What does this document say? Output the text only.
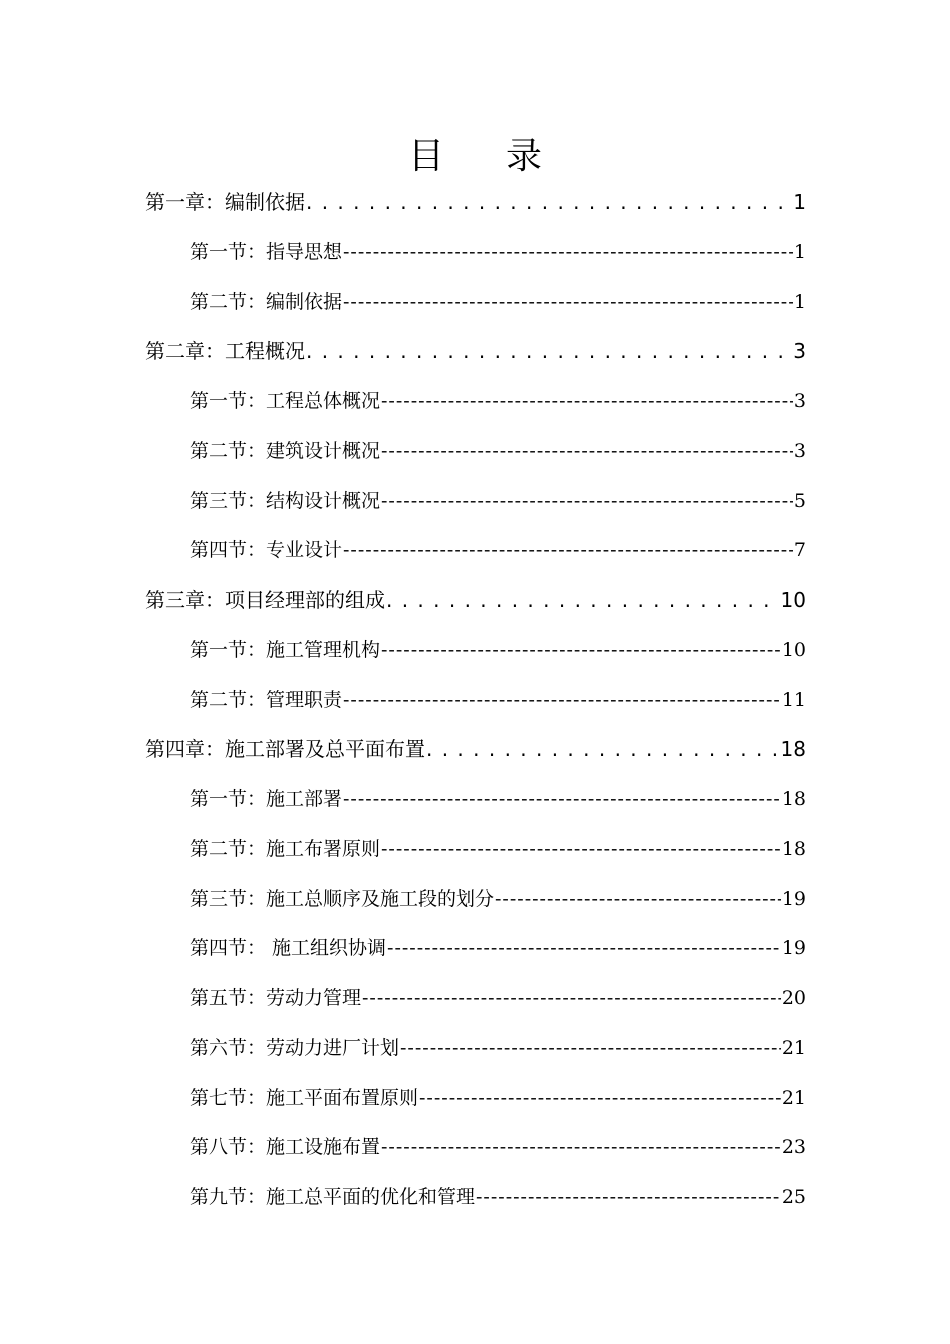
目 录
第一章：编制依据 . . .	1
第一节：指导思想 -----	1
第二节：编制依据 -----	1
第二章：工程概况 . . .	3
第一节：工程总体概况 -----	3
第二节：建筑设计概况 -----	3
第三节：结构设计概况 -----	5
第四节：专业设计 -----	7
第三章：项目经理部的组成 . . .	10
第一节：施工管理机构 -----	10
第二节：管理职责 -----	11
第四章：施工部署及总平面布置 . . .	18
第一节：施工部署 -----	18
第二节：施工布署原则 -----	18
第三节：施工总顺序及施工段的划分 -----	19
第四节： 施工组织协调 -----	19
第五节：劳动力管理 -----	20
第六节：劳动力进厂计划 -----	21
第七节：施工平面布置原则 -----	21
第八节：施工设施布置 -----	23
第九节：施工总平面的优化和管理 -----	25
